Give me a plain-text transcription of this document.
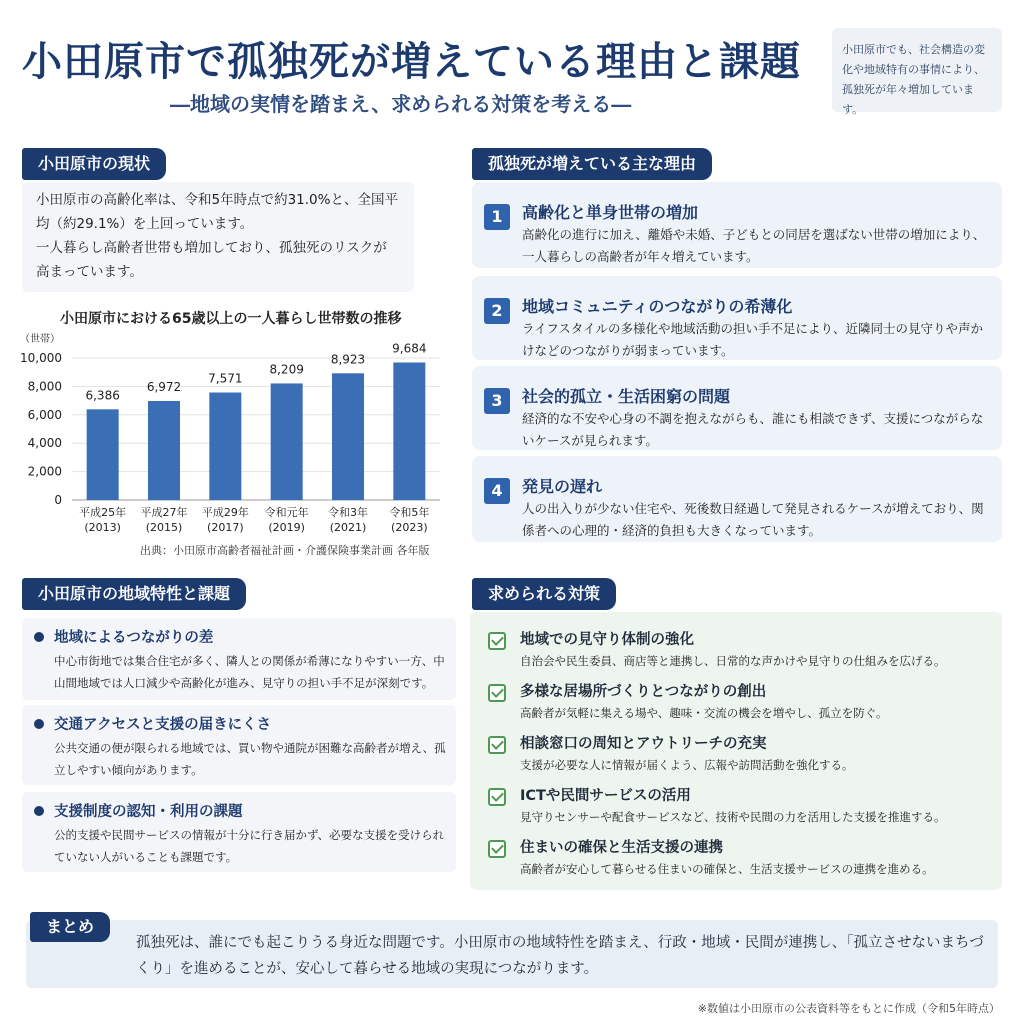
小田原市で孤独死が増えている理由と課題
―地域の実情を踏まえ、求められる対策を考える―
小田原市でも、社会構造の変化や地域特有の事情により、孤独死が年々増加しています。
小田原市の現状
小田原市の高齢化率は、令和5年時点で約31.0%と、全国平均（約29.1%）を上回っています。
一人暮らし高齢者世帯も増加しており、孤独死のリスクが高まっています。
小田原市における65歳以上の一人暮らし世帯数の推移
0
2,000
4,000
6,000
8,000
10,000
（世帯）
6,386
6,972
7,571
8,209
8,923
9,684
平成25年
(2013)
平成27年
(2015)
平成29年
(2017)
令和元年
(2019)
令和3年
(2021)
令和5年
(2023)
出典：小田原市高齢者福祉計画・介護保険事業計画 各年版
孤独死が増えている主な理由
1	高齢化と単身世帯の増加
高齢化の進行に加え、離婚や未婚、子どもとの同居を選ばない世帯の増加により、一人暮らしの高齢者が年々増えています。
2	地域コミュニティのつながりの希薄化
ライフスタイルの多様化や地域活動の担い手不足により、近隣同士の見守りや声かけなどのつながりが弱まっています。
3	社会的孤立・生活困窮の問題
経済的な不安や心身の不調を抱えながらも、誰にも相談できず、支援につながらないケースが見られます。
4	発見の遅れ
人の出入りが少ない住宅や、死後数日経過して発見されるケースが増えており、関係者への心理的・経済的負担も大きくなっています。
小田原市の地域特性と課題
地域によるつながりの差
中心市街地では集合住宅が多く、隣人との関係が希薄になりやすい一方、中山間地域では人口減少や高齢化が進み、見守りの担い手不足が深刻です。
交通アクセスと支援の届きにくさ
公共交通の便が限られる地域では、買い物や通院が困難な高齢者が増え、孤立しやすい傾向があります。
支援制度の認知・利用の課題
公的支援や民間サービスの情報が十分に行き届かず、必要な支援を受けられていない人がいることも課題です。
求められる対策
地域での見守り体制の強化
自治会や民生委員、商店等と連携し、日常的な声かけや見守りの仕組みを広げる。
多様な居場所づくりとつながりの創出
高齢者が気軽に集える場や、趣味・交流の機会を増やし、孤立を防ぐ。
相談窓口の周知とアウトリーチの充実
支援が必要な人に情報が届くよう、広報や訪問活動を強化する。
ICTや民間サービスの活用
見守りセンサーや配食サービスなど、技術や民間の力を活用した支援を推進する。
住まいの確保と生活支援の連携
高齢者が安心して暮らせる住まいの確保と、生活支援サービスの連携を進める。
まとめ
孤独死は、誰にでも起こりうる身近な問題です。小田原市の地域特性を踏まえ、行政・地域・民間が連携し、「孤立させないまちづくり」を進めることが、安心して暮らせる地域の実現につながります。
※数値は小田原市の公表資料等をもとに作成（令和5年時点）
